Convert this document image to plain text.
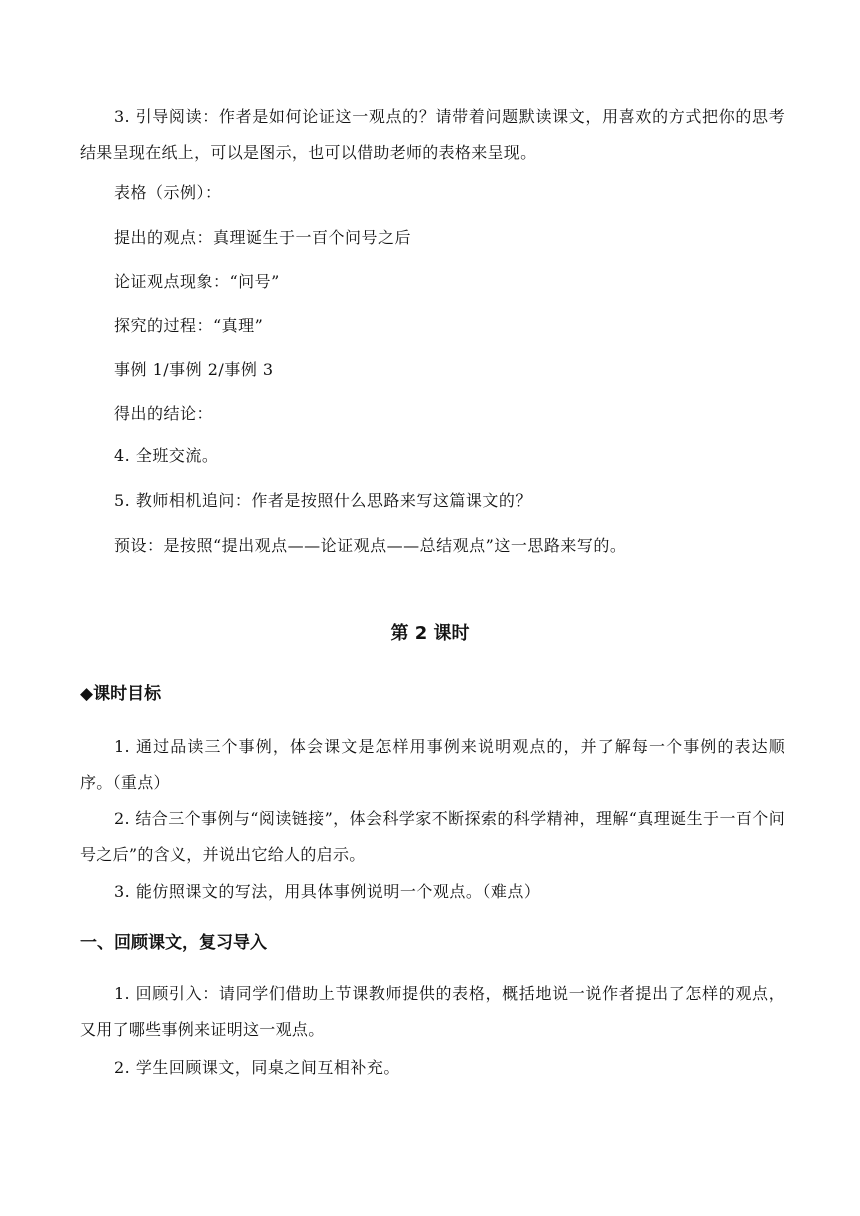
3. 引导阅读：作者是如何论证这一观点的？请带着问题默读课文，用喜欢的方式把你的思考结果呈现在纸上，可以是图示，也可以借助老师的表格来呈现。
表格（示例）：
提出的观点：真理诞生于一百个问号之后
论证观点现象：“问号”
探究的过程：“真理”
事例 1/事例 2/事例 3
得出的结论：
4. 全班交流。
5. 教师相机追问：作者是按照什么思路来写这篇课文的？
预设：是按照“提出观点——论证观点——总结观点”这一思路来写的。
第 2 课时
◆课时目标
1. 通过品读三个事例，体会课文是怎样用事例来说明观点的，并了解每一个事例的表达顺序。（重点）
2. 结合三个事例与“阅读链接”，体会科学家不断探索的科学精神，理解“真理诞生于一百个问号之后”的含义，并说出它给人的启示。
3. 能仿照课文的写法，用具体事例说明一个观点。（难点）
一、回顾课文，复习导入
1. 回顾引入：请同学们借助上节课教师提供的表格，概括地说一说作者提出了怎样的观点，又用了哪些事例来证明这一观点。
2. 学生回顾课文，同桌之间互相补充。
